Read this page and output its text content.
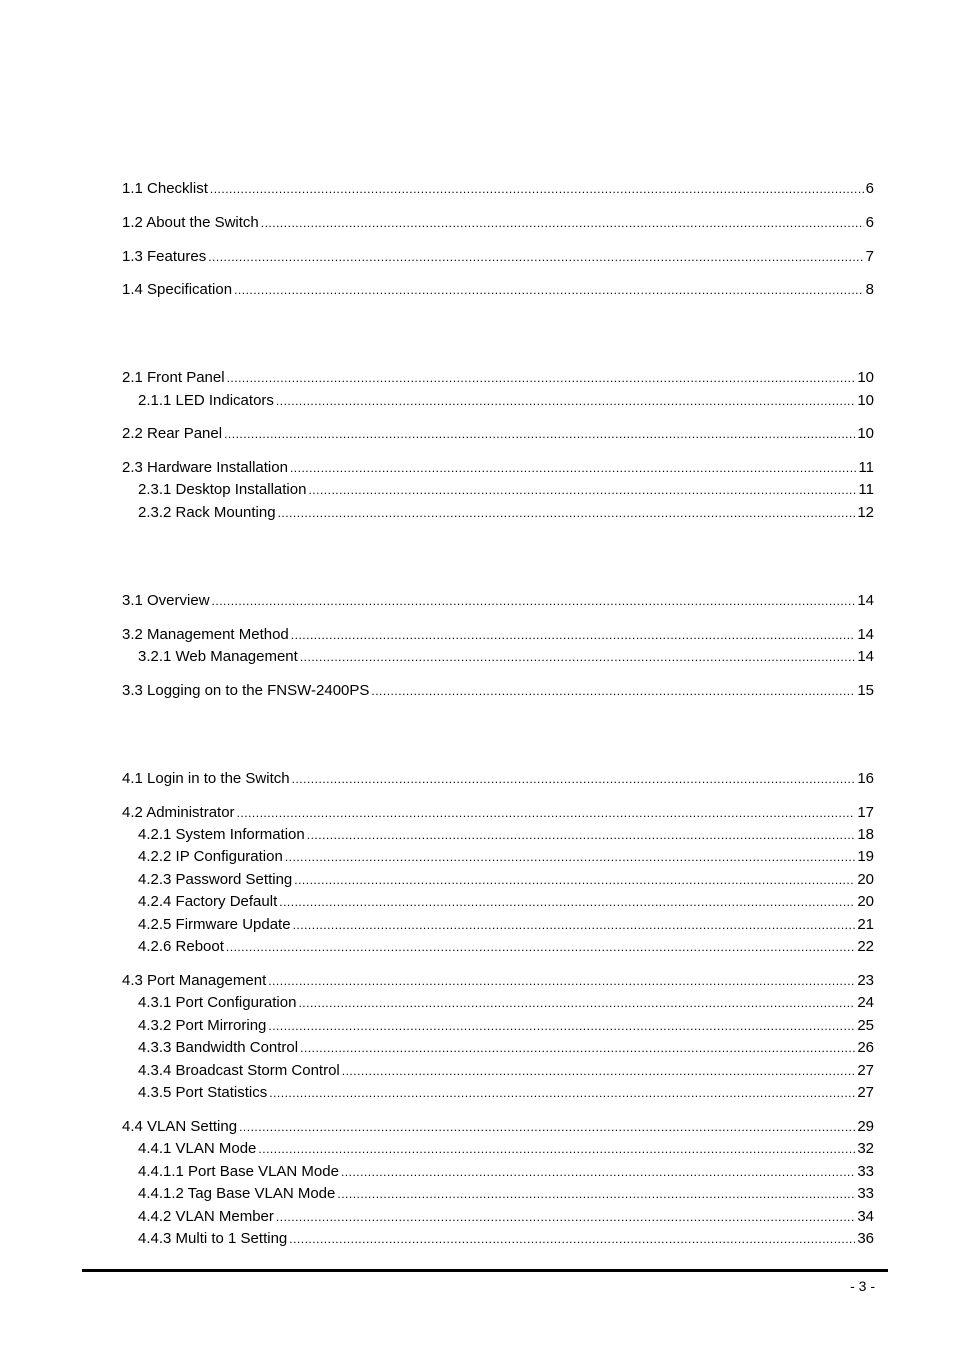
1.1 Checklist .....	6
1.2 About the Switch .....	6
1.3 Features .....	7
1.4 Specification .....	8
2.1 Front Panel .....	10
2.1.1 LED Indicators .....	10
2.2 Rear Panel .....	10
2.3 Hardware Installation .....	11
2.3.1 Desktop Installation .....	11
2.3.2 Rack Mounting .....	12
3.1 Overview .....	14
3.2 Management Method .....	14
3.2.1 Web Management .....	14
3.3 Logging on to the FNSW-2400PS .....	15
4.1 Login in to the Switch .....	16
4.2 Administrator .....	17
4.2.1 System Information .....	18
4.2.2 IP Configuration .....	19
4.2.3 Password Setting .....	20
4.2.4 Factory Default .....	20
4.2.5 Firmware Update .....	21
4.2.6 Reboot .....	22
4.3 Port Management .....	23
4.3.1 Port Configuration .....	24
4.3.2 Port Mirroring .....	25
4.3.3 Bandwidth Control .....	26
4.3.4 Broadcast Storm Control .....	27
4.3.5 Port Statistics .....	27
4.4 VLAN Setting .....	29
4.4.1 VLAN Mode .....	32
4.4.1.1 Port Base VLAN Mode .....	33
4.4.1.2 Tag Base VLAN Mode .....	33
4.4.2 VLAN Member .....	34
4.4.3 Multi to 1 Setting .....	36
- 3 -
